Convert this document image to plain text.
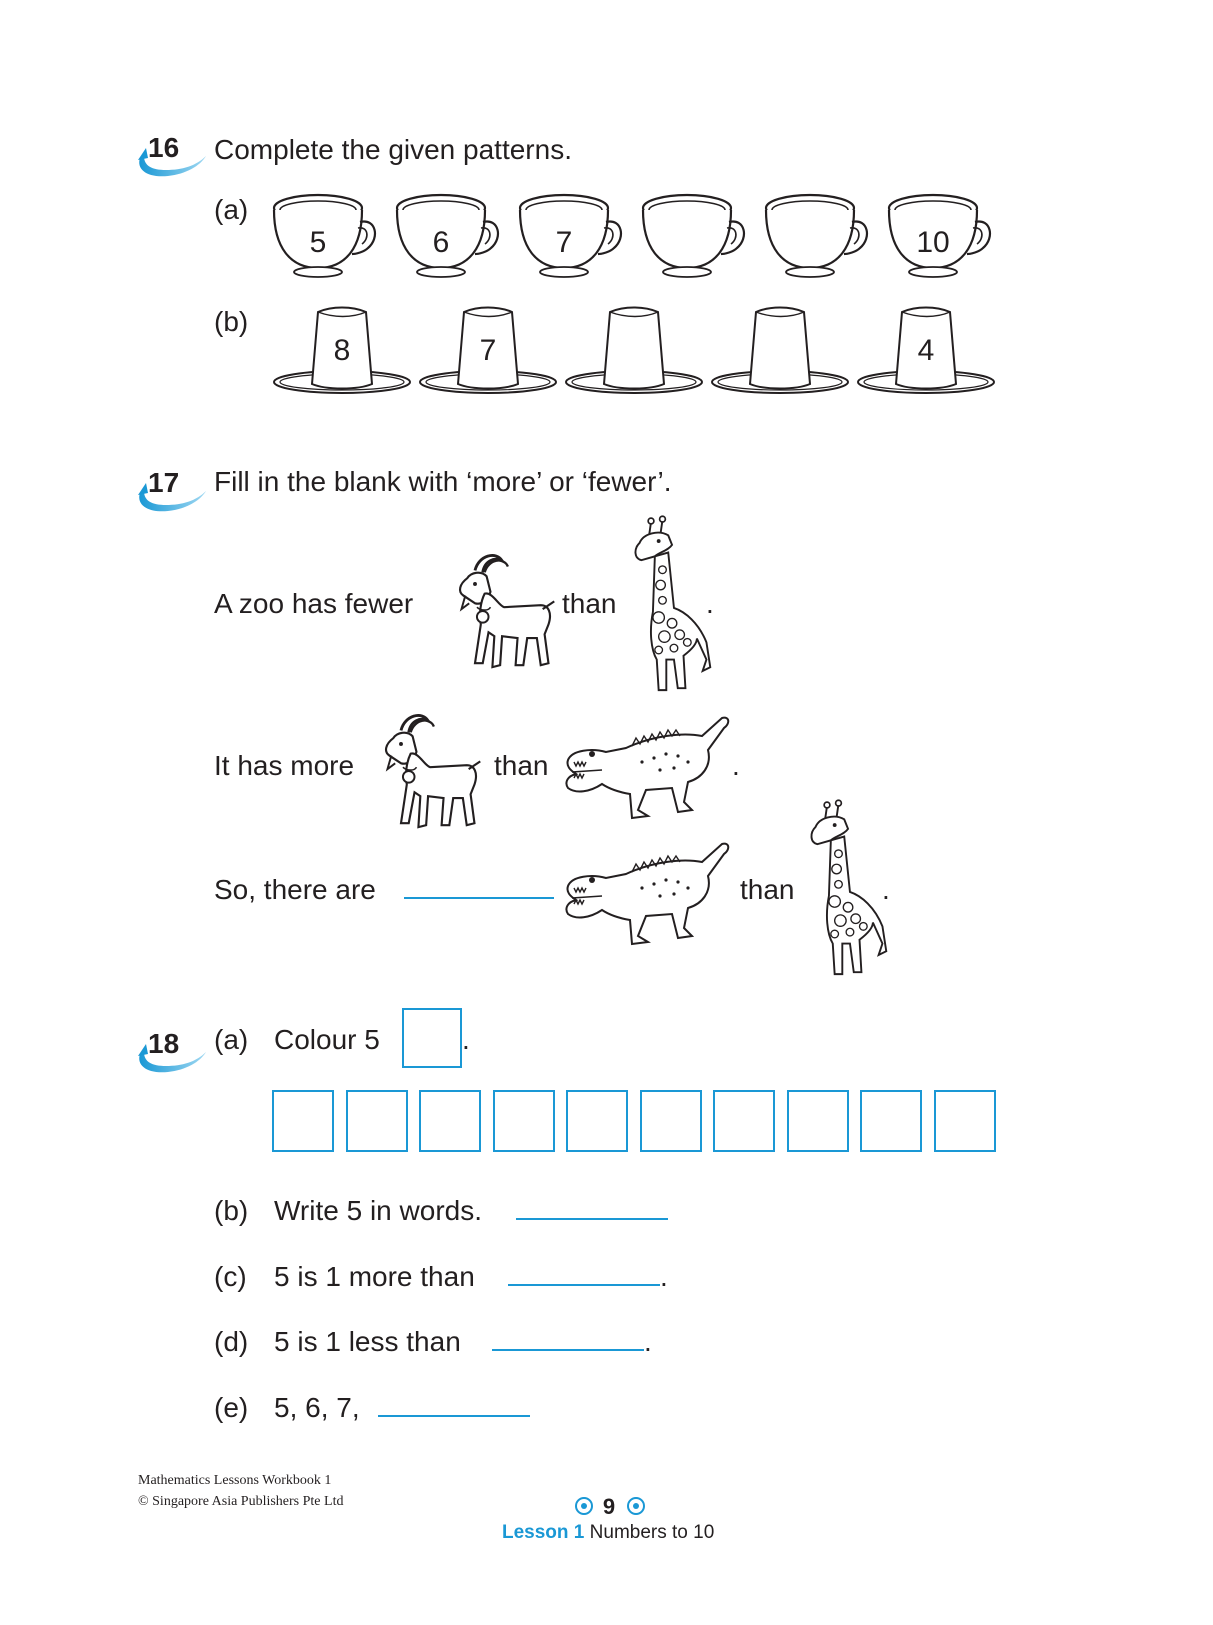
16 Complete the given patterns.
(a)
5	6	7	10
(b)
8	7	4
17 Fill in the blank with ‘more’ or ‘fewer’.
A zoo has fewer	than	.
It has more	than	.
So, there are	than	.
18 (a) Colour 5	.
(b) Write 5 in words.
(c) 5 is 1 more than	.
(d) 5 is 1 less than	.
(e) 5, 6, 7,
Mathematics Lessons Workbook 1
© Singapore Asia Publishers Pte Ltd	9
Lesson 1 Numbers to 10
